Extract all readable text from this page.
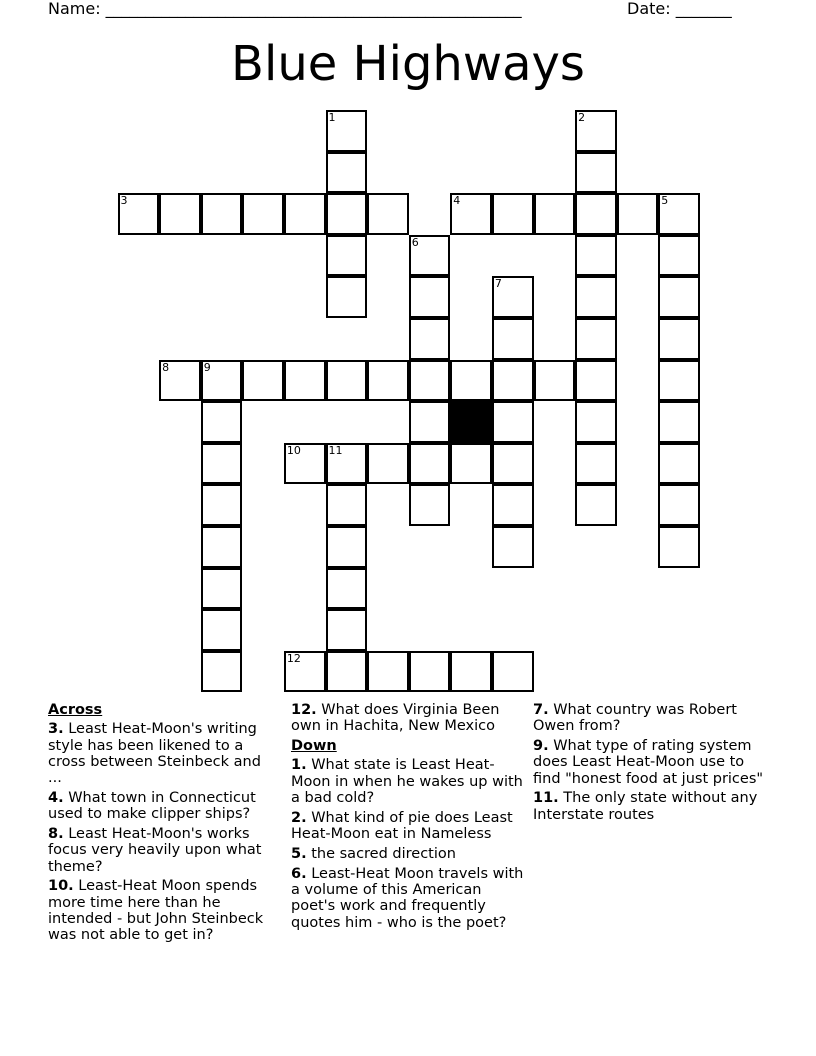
Name: ____________________________________________________	Date: _______
Blue Highways
1	2
3	4	5
6
7
8	9
10	11
12
Across
3. Least Heat-Moon's writing style has been likened to a cross between Steinbeck and ...
4. What town in Connecticut used to make clipper ships?
8. Least Heat-Moon's works focus very heavily upon what theme?
10. Least-Heat Moon spends more time here than he intended - but John Steinbeck was not able to get in?
12. What does Virginia Been own in Hachita, New Mexico
Down
1. What state is Least Heat-Moon in when he wakes up with a bad cold?
2. What kind of pie does Least Heat-Moon eat in Nameless
5. the sacred direction
6. Least-Heat Moon travels with a volume of this American poet's work and frequently quotes him - who is the poet?
7. What country was Robert Owen from?
9. What type of rating system does Least Heat-Moon use to find "honest food at just prices"
11. The only state without any Interstate routes
